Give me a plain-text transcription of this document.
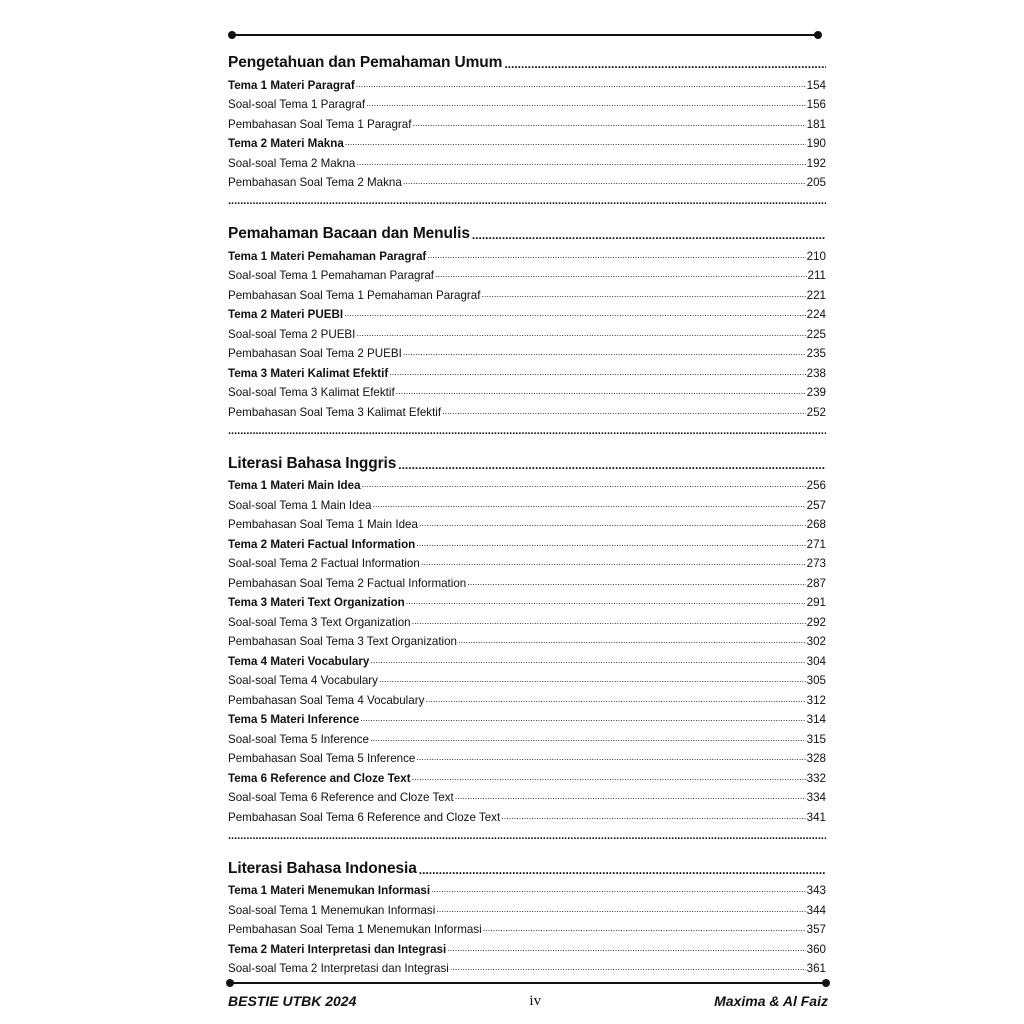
Pengetahuan dan Pemahaman Umum
.....
Tema 1 Materi Paragraf .....	154
Soal-soal Tema 1 Paragraf .....	156
Pembahasan Soal Tema 1 Paragraf .....	181
Tema 2 Materi Makna .....	190
Soal-soal Tema 2 Makna .....	192
Pembahasan Soal Tema 2 Makna .....	205
.....
Pemahaman Bacaan dan Menulis
.....
Tema 1 Materi Pemahaman Paragraf .....	210
Soal-soal Tema 1 Pemahaman Paragraf .....	211
Pembahasan Soal Tema 1 Pemahaman Paragraf .....	221
Tema 2 Materi PUEBI .....	224
Soal-soal Tema 2 PUEBI .....	225
Pembahasan Soal Tema 2 PUEBI .....	235
Tema 3 Materi Kalimat Efektif .....	238
Soal-soal Tema 3 Kalimat Efektif .....	239
Pembahasan Soal Tema 3 Kalimat Efektif .....	252
.....
Literasi Bahasa Inggris
.....
Tema 1 Materi Main Idea .....	256
Soal-soal Tema 1 Main Idea .....	257
Pembahasan Soal Tema 1 Main Idea .....	268
Tema 2 Materi Factual Information .....	271
Soal-soal Tema 2 Factual Information .....	273
Pembahasan Soal Tema 2 Factual Information .....	287
Tema 3 Materi Text Organization .....	291
Soal-soal Tema 3 Text Organization .....	292
Pembahasan Soal Tema 3 Text Organization .....	302
Tema 4 Materi Vocabulary .....	304
Soal-soal Tema 4 Vocabulary .....	305
Pembahasan Soal Tema 4 Vocabulary .....	312
Tema 5 Materi Inference .....	314
Soal-soal Tema 5 Inference .....	315
Pembahasan Soal Tema 5 Inference .....	328
Tema 6 Reference and Cloze Text .....	332
Soal-soal Tema 6 Reference and Cloze Text .....	334
Pembahasan Soal Tema 6 Reference and Cloze Text .....	341
.....
Literasi Bahasa Indonesia
.....
Tema 1 Materi Menemukan Informasi .....	343
Soal-soal Tema 1 Menemukan Informasi .....	344
Pembahasan Soal Tema 1 Menemukan Informasi .....	357
Tema 2 Materi Interpretasi dan Integrasi .....	360
Soal-soal Tema 2 Interpretasi dan Integrasi .....	361
BESTIE UTBK 2024	iv	Maxima & Al Faiz
